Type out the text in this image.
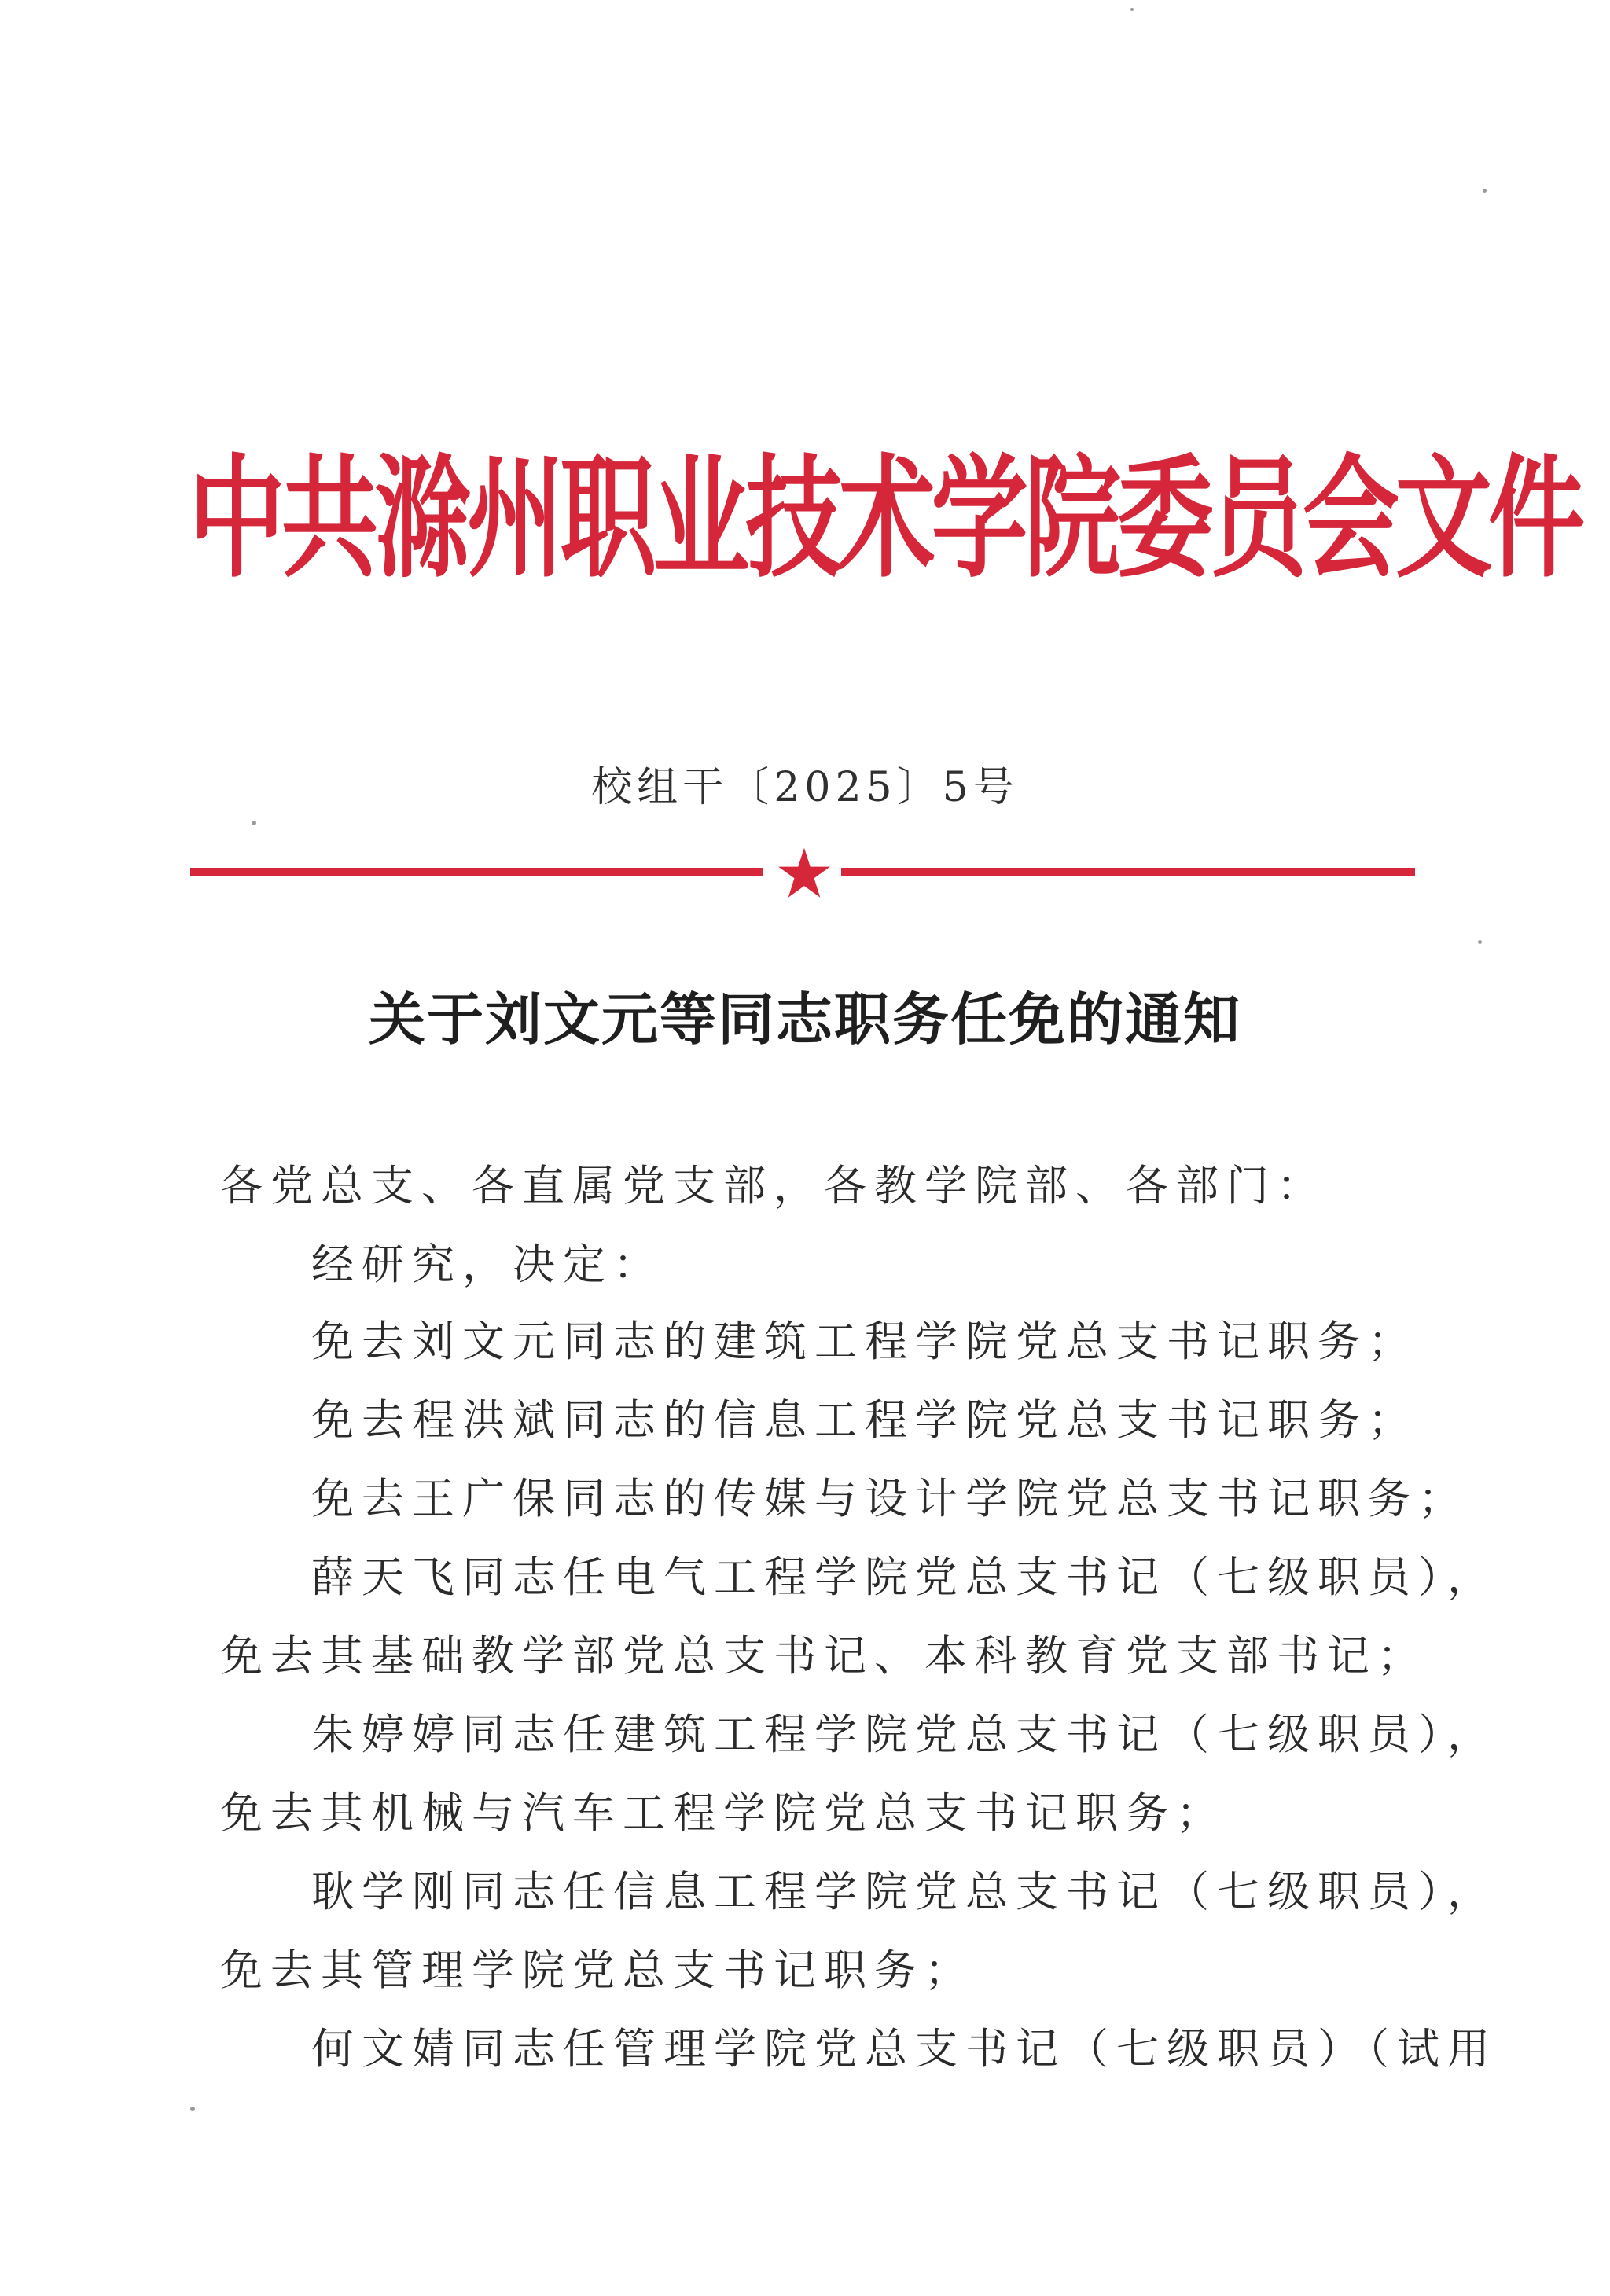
中共滁州职业技术学院委员会文件
校组干〔2025〕5号
关于刘文元等同志职务任免的通知
各党总支、各直属党支部，各教学院部、各部门：
经研究，决定：
免去刘文元同志的建筑工程学院党总支书记职务；
免去程洪斌同志的信息工程学院党总支书记职务；
免去王广保同志的传媒与设计学院党总支书记职务；
薛天飞同志任电气工程学院党总支书记（七级职员），
免去其基础教学部党总支书记、本科教育党支部书记；
朱婷婷同志任建筑工程学院党总支书记（七级职员），
免去其机械与汽车工程学院党总支书记职务；
耿学刚同志任信息工程学院党总支书记（七级职员），
免去其管理学院党总支书记职务；
何文婧同志任管理学院党总支书记（七级职员）（试用
